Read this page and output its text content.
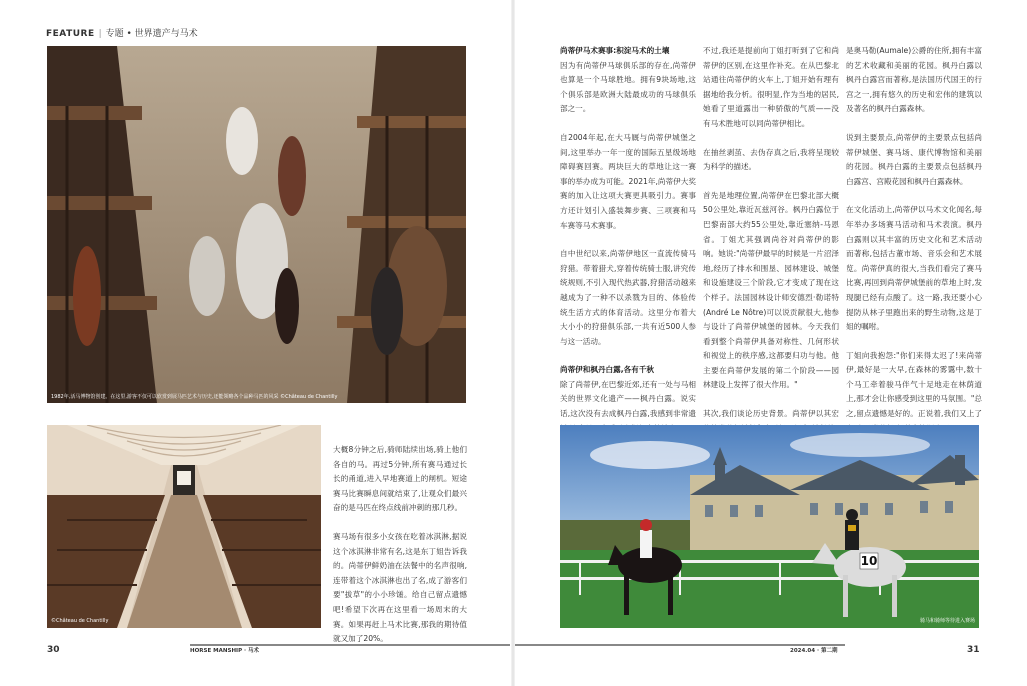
FEATURE | 专题 • 世界遗产与马术
1982年,活马博物馆创建。在这里,游客不仅可以欣赏到展马匹艺术与历史,还能领略各个品种马匹的风采 ©Château de Chantilly
©Château de Chantilly

大概8分钟之后,骑师陆续出场,骑上他们各自的马。再过5分钟,所有赛马通过长长的甬道,进入早地赛道上的闸机。短途赛马比赛瞬息间就结束了,让观众们最兴奋的是马匹在终点线前冲刺的那几秒。

赛马场有很多小女孩在吃着冰淇淋,据说这个冰淇淋非常有名,这是东丁姐告诉我的。尚蒂伊鲜奶油在法餐中的名声很响,连带着这个冰淇淋也出了名,成了游客们要"拔草"的小小珍馐。给自己留点遗憾吧!希望下次再在这里看一场周末的大赛。如果再赶上马术比赛,那我的期待值就又加了20%。

尚蒂伊马术赛事:积淀马术的土壤

因为有尚蒂伊马球俱乐部的存在,尚蒂伊也算是一个马球胜地。拥有9块场地,这个俱乐部是欧洲大陆最成功的马球俱乐部之一。

自2004年起,在大马厩与尚蒂伊城堡之间,这里举办一年一度的国际五星级场地障碍赛回赛。两块巨大的草地让这一赛事的举办成为可能。2021年,尚蒂伊大奖赛的加入让这项大赛更具吸引力。赛事方还计划引入盛装舞步赛、三项赛和马车赛等马术赛事。

自中世纪以来,尚蒂伊地区一直流传骑马狩猎。带着猎犬,穿着传统骑士服,讲究传统规则,不引入现代热武器,狩猎活动越来越成为了一种不以杀戮为目的、体验传统生活方式的体育活动。这里分布着大大小小的狩猎俱乐部,一共有近500人参与这一活动。

尚蒂伊和枫丹白露,各有千秋

除了尚蒂伊,在巴黎近郊,还有一处与马相关的世界文化遗产——枫丹白露。说实话,这次没有去成枫丹白露,我感到非常遗

不过,我还是提前向丁姐打听到了它和尚蒂伊的区别,在这里作补充。在从巴黎北站通往尚蒂伊的火车上,丁姐开始有理有据地给我分析。很明显,作为当地的居民,她看了里道露出一种骄傲的气质——没有马术胜地可以同尚蒂伊相比。

在抽丝剥茧、去伪存真之后,我将呈现较为科学的描述。

首先是地理位置,尚蒂伊在巴黎北部大概50公里处,靠近瓦兹河谷。枫丹白露位于巴黎南部大约55公里处,靠近塞纳-马恩省。丁姐尤其强调尚谷对尚蒂伊的影响。她说:"尚蒂伊最早的时候是一片沼泽地,经历了排水和围垦、园林建设、城堡和设施建设三个阶段,它才变成了现在这个样子。法国园林设计师安德烈·勒诺特(André Le Nôtre)可以说贡献很大,他参与设计了尚蒂伊城堡的园林。今天我们看到整个尚蒂伊具备对称性、几何形状和视觉上的秩序感,这都要归功与他。他主要在尚蒂伊发展的第二个阶段——园林建设上发挥了很大作用。"

其次,我们谈论历史背景。尚蒂伊以其宏

是奥马勒(Aumale)公爵的住所,拥有丰富的艺术收藏和美丽的花园。枫丹白露以枫丹白露宫而著称,是法国历代国王的行宫之一,拥有悠久的历史和宏伟的建筑以及著名的枫丹白露森林。

说到主要景点,尚蒂伊的主要景点包括尚蒂伊城堡、赛马场、康代博物馆和美丽的花园。枫丹白露的主要景点包括枫丹白露宫、宫殿花园和枫丹白露森林。

在文化活动上,尚蒂伊以马术文化闻名,每年举办多场赛马活动和马术表演。枫丹白露则以其丰富的历史文化和艺术活动而著称,包括古董市场、音乐会和艺术展览。尚蒂伊真的很大,当我们看完了赛马比赛,再回到尚蒂伊城堡前的草地上时,发现腿已经有点酸了。这一路,我还要小心提防从林子里跑出来的野生动物,这是丁姐的嘱咐。

丁姐向我抱怨:"你们来得太迟了!来尚蒂伊,最好是一大早,在森林的雾霭中,数十个马工牵着骏马伴气十足地走在林荫道上,那才会让你感受到这里的马氛围。"总之,留点遗憾是好的。正说着,我们又上了

10
骑马和骑师等待进入赛场
30	HORSE MANSHIP · 马术	2024.04 · 第二期	31
